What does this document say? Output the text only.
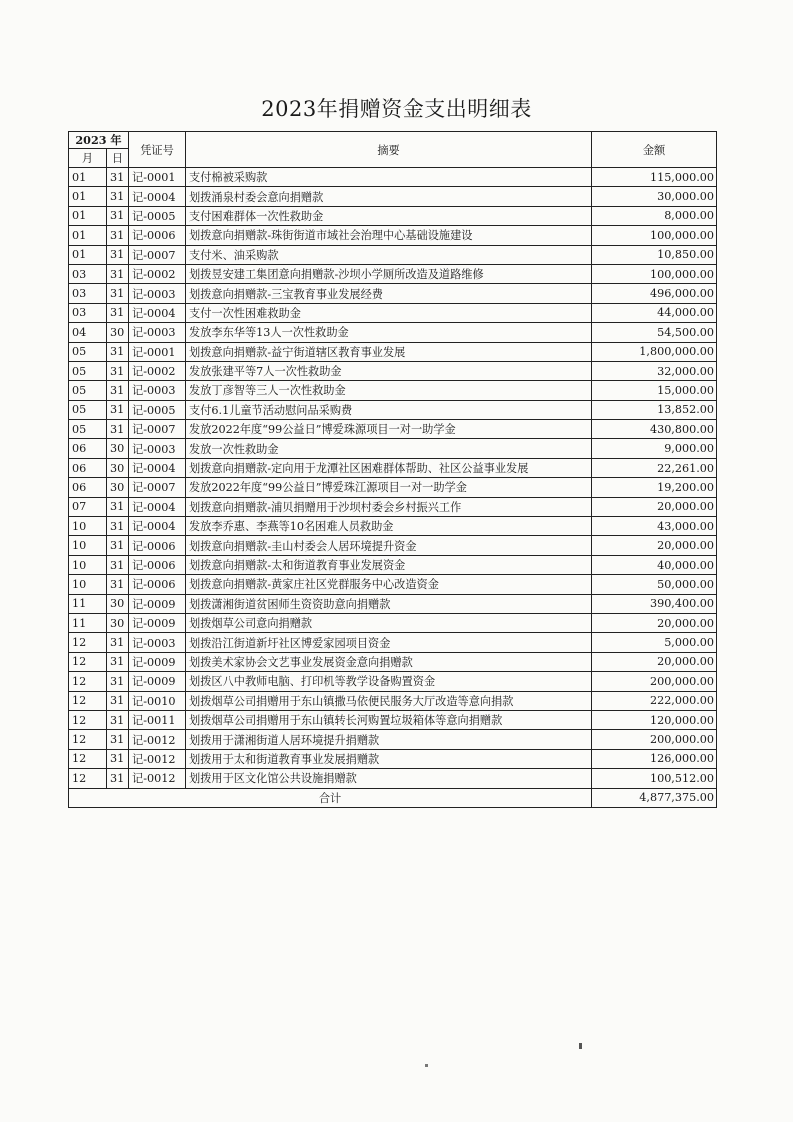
2023年捐赠资金支出明细表
2023 年		凭证号	摘要	金额
月	日			
01	31	记-0001	支付棉被采购款	115,000.00
01	31	记-0004	划拨涌泉村委会意向捐赠款	30,000.00
01	31	记-0005	支付困难群体一次性救助金	8,000.00
01	31	记-0006	划拨意向捐赠款-珠街街道市域社会治理中心基础设施建设	100,000.00
01	31	记-0007	支付米、油采购款	10,850.00
03	31	记-0002	划拨昱安建工集团意向捐赠款-沙坝小学厕所改造及道路维修	100,000.00
03	31	记-0003	划拨意向捐赠款-三宝教育事业发展经费	496,000.00
03	31	记-0004	支付一次性困难救助金	44,000.00
04	30	记-0003	发放李东华等13人一次性救助金	54,500.00
05	31	记-0001	划拨意向捐赠款-益宁街道辖区教育事业发展	1,800,000.00
05	31	记-0002	发放张建平等7人一次性救助金	32,000.00
05	31	记-0003	发放丁彦智等三人一次性救助金	15,000.00
05	31	记-0005	支付6.1儿童节活动慰问品采购费	13,852.00
05	31	记-0007	发放2022年度“99公益日”博爱珠源项目一对一助学金	430,800.00
06	30	记-0003	发放一次性救助金	9,000.00
06	30	记-0004	划拨意向捐赠款-定向用于龙潭社区困难群体帮助、社区公益事业发展	22,261.00
06	30	记-0007	发放2022年度“99公益日”博爱珠江源项目一对一助学金	19,200.00
07	31	记-0004	划拨意向捐赠款-浦贝捐赠用于沙坝村委会乡村振兴工作	20,000.00
10	31	记-0004	发放李乔惠、李燕等10名困难人员救助金	43,000.00
10	31	记-0006	划拨意向捐赠款-圭山村委会人居环境提升资金	20,000.00
10	31	记-0006	划拨意向捐赠款-太和街道教育事业发展资金	40,000.00
10	31	记-0006	划拨意向捐赠款-黄家庄社区党群服务中心改造资金	50,000.00
11	30	记-0009	划拨潇湘街道贫困师生资资助意向捐赠款	390,400.00
11	30	记-0009	划拨烟草公司意向捐赠款	20,000.00
12	31	记-0003	划拨沿江街道新圩社区博爱家园项目资金	5,000.00
12	31	记-0009	划拨美术家协会文艺事业发展资金意向捐赠款	20,000.00
12	31	记-0009	划拨区八中教师电脑、打印机等教学设备购置资金	200,000.00
12	31	记-0010	划拨烟草公司捐赠用于东山镇撒马依便民服务大厅改造等意向捐款	222,000.00
12	31	记-0011	划拨烟草公司捐赠用于东山镇转长河购置垃圾箱体等意向捐赠款	120,000.00
12	31	记-0012	划拨用于潇湘街道人居环境提升捐赠款	200,000.00
12	31	记-0012	划拨用于太和街道教育事业发展捐赠款	126,000.00
12	31	记-0012	划拨用于区文化馆公共设施捐赠款	100,512.00
合计				4,877,375.00
